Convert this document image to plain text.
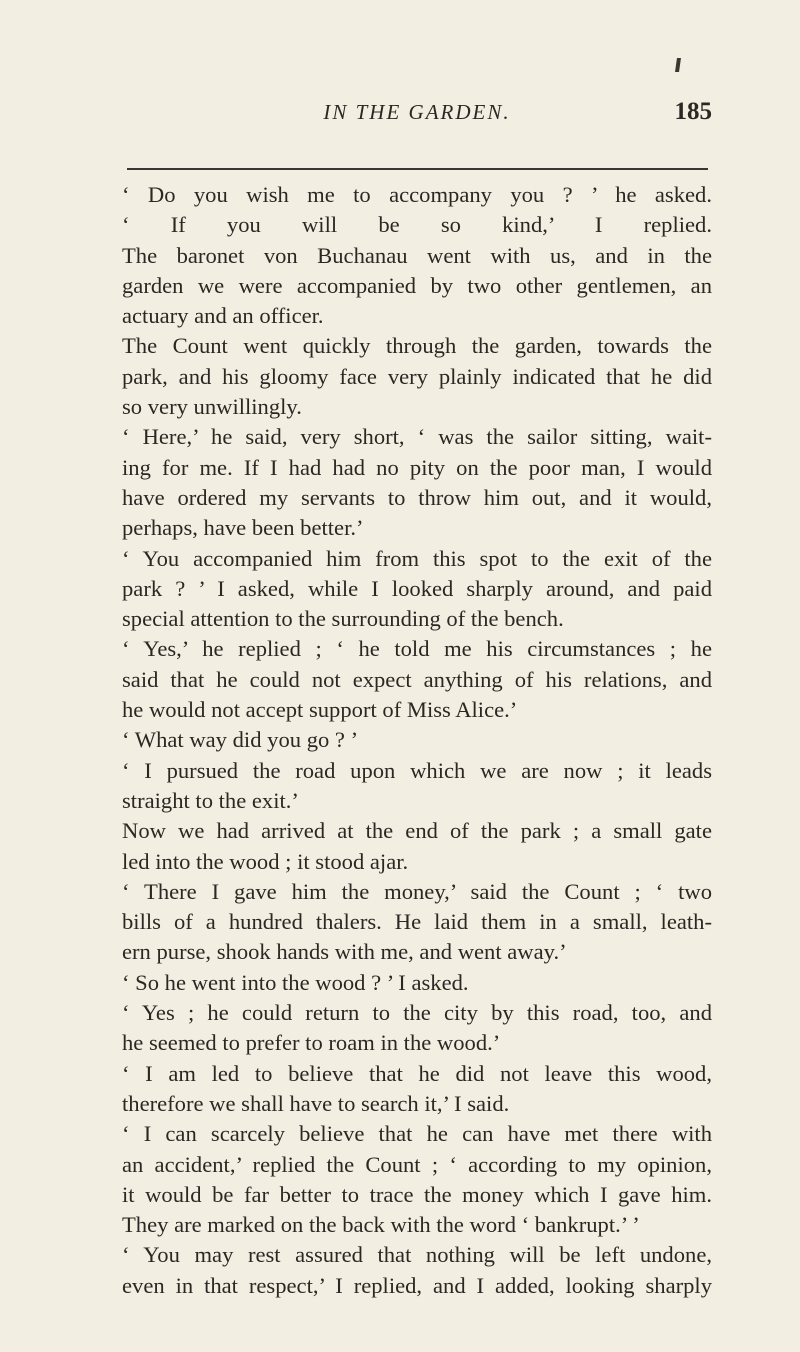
IN THE GARDEN.	185
‘ Do you wish me to accompany you ? ’ he asked.
‘ If you will be so kind,’ I replied.
The baronet von Buchanau went with us, and in the
garden we were accompanied by two other gentlemen, an
actuary and an officer.
The Count went quickly through the garden, towards the
park, and his gloomy face very plainly indicated that he did
so very unwillingly.
‘ Here,’ he said, very short, ‘ was the sailor sitting, wait-
ing for me. If I had had no pity on the poor man, I would
have ordered my servants to throw him out, and it would,
perhaps, have been better.’
‘ You accompanied him from this spot to the exit of the
park ? ’ I asked, while I looked sharply around, and paid
special attention to the surrounding of the bench.
‘ Yes,’ he replied ; ‘ he told me his circumstances ; he
said that he could not expect anything of his relations, and
he would not accept support of Miss Alice.’
‘ What way did you go ? ’
‘ I pursued the road upon which we are now ; it leads
straight to the exit.’
Now we had arrived at the end of the park ; a small gate
led into the wood ; it stood ajar.
‘ There I gave him the money,’ said the Count ; ‘ two
bills of a hundred thalers. He laid them in a small, leath-
ern purse, shook hands with me, and went away.’
‘ So he went into the wood ? ’ I asked.
‘ Yes ; he could return to the city by this road, too, and
he seemed to prefer to roam in the wood.’
‘ I am led to believe that he did not leave this wood,
therefore we shall have to search it,’ I said.
‘ I can scarcely believe that he can have met there with
an accident,’ replied the Count ; ‘ according to my opinion,
it would be far better to trace the money which I gave him.
They are marked on the back with the word ‘ bankrupt.’ ’
‘ You may rest assured that nothing will be left undone,
even in that respect,’ I replied, and I added, looking sharply
